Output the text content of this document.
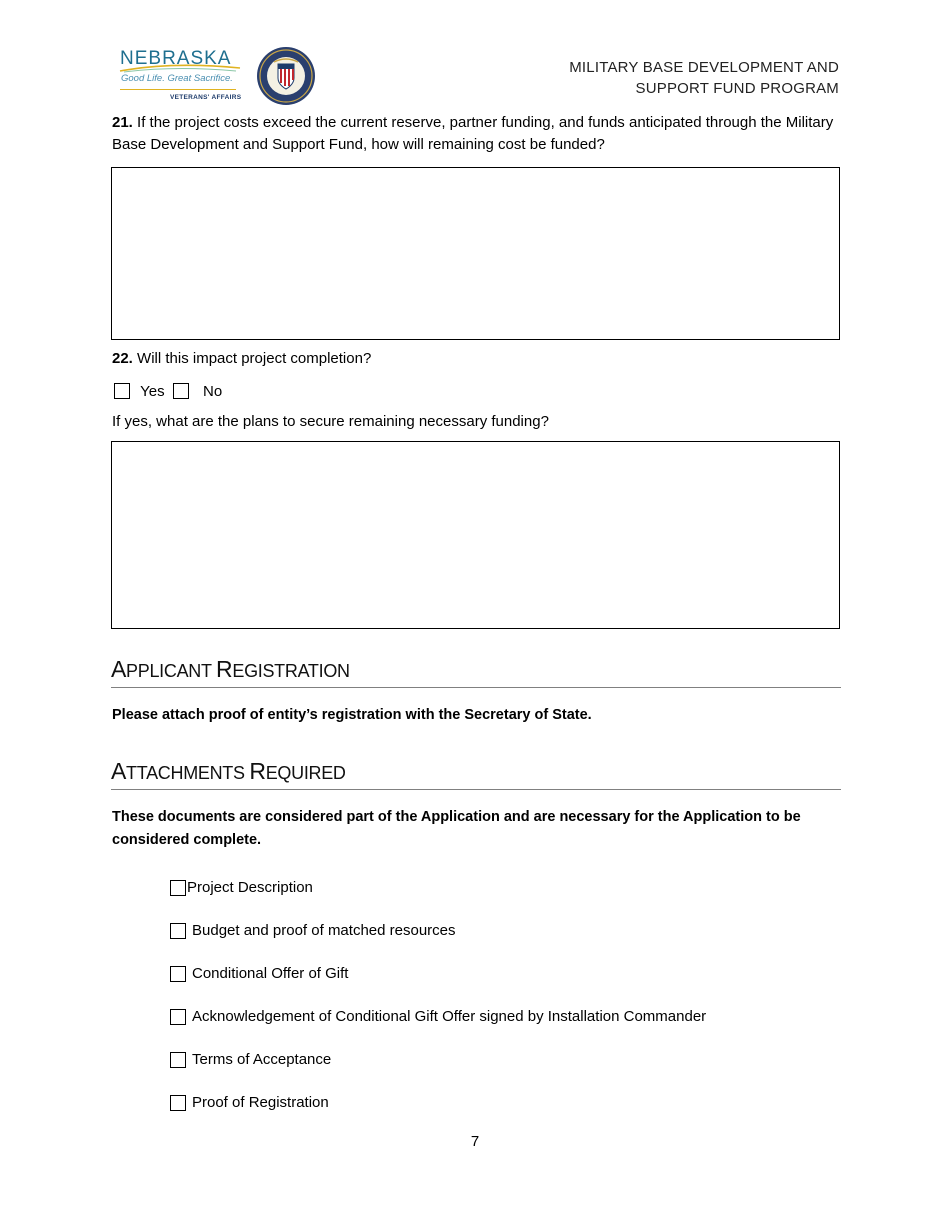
NEBRASKA
Good Life. Great Sacrifice.
VETERANS' AFFAIRS
MILITARY BASE DEVELOPMENT AND
SUPPORT FUND PROGRAM
21. If the project costs exceed the current reserve, partner funding, and funds anticipated through the Military Base Development and Support Fund, how will remaining cost be funded?
22. Will this impact project completion?
Yes	No
If yes, what are the plans to secure remaining necessary funding?
APPLICANT REGISTRATION
Please attach proof of entity’s registration with the Secretary of State.
ATTACHMENTS REQUIRED
These documents are considered part of the Application and are necessary for the Application to be considered complete.
Project Description
Budget and proof of matched resources
Conditional Offer of Gift
Acknowledgement of Conditional Gift Offer signed by Installation Commander
Terms of Acceptance
Proof of Registration
7
